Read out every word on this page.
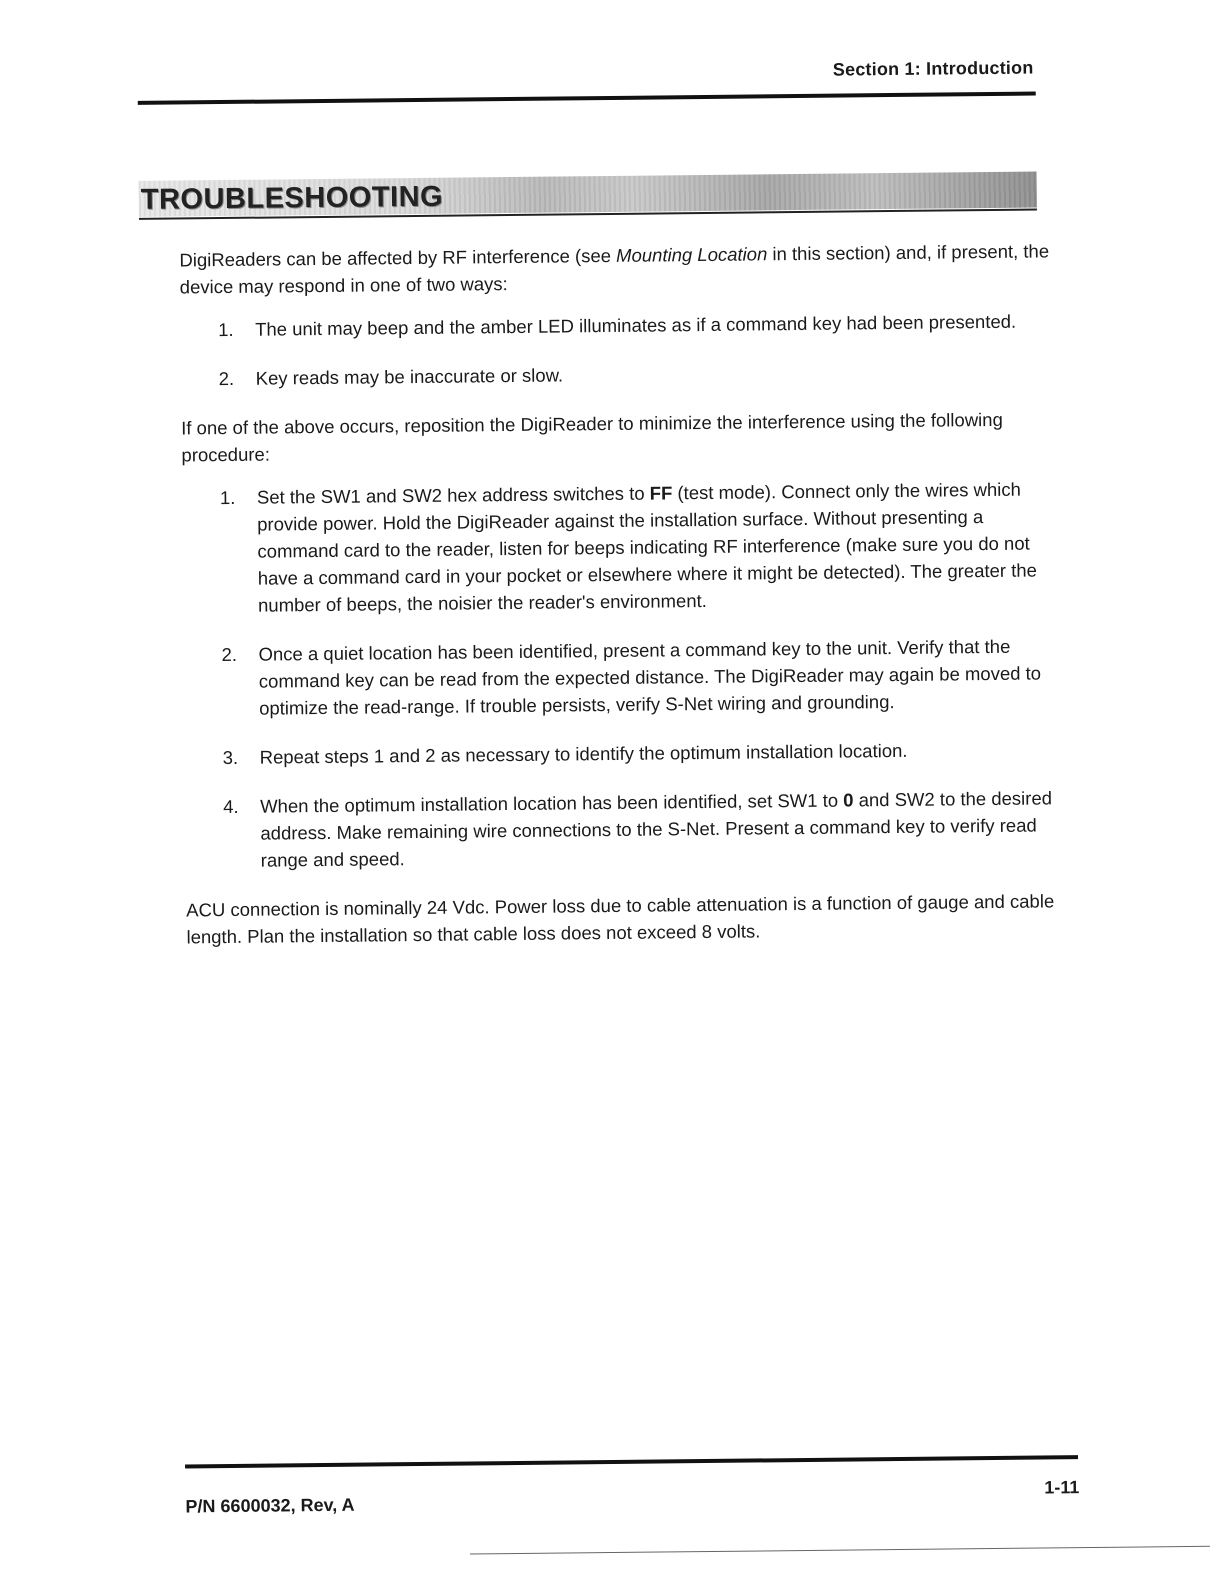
Section 1: Introduction
TROUBLESHOOTING

DigiReaders can be affected by RF interference (see Mounting Location in this section) and, if present, the device may respond in one of two ways:

1. The unit may beep and the amber LED illuminates as if a command key had been presented.
2. Key reads may be inaccurate or slow.

If one of the above occurs, reposition the DigiReader to minimize the interference using the following procedure:

1. Set the SW1 and SW2 hex address switches to FF (test mode). Connect only the wires which provide power. Hold the DigiReader against the installation surface. Without presenting a command card to the reader, listen for beeps indicating RF interference (make sure you do not have a command card in your pocket or elsewhere where it might be detected). The greater the number of beeps, the noisier the reader's environment.
2. Once a quiet location has been identified, present a command key to the unit. Verify that the command key can be read from the expected distance. The DigiReader may again be moved to optimize the read-range. If trouble persists, verify S-Net wiring and grounding.
3. Repeat steps 1 and 2 as necessary to identify the optimum installation location.
4. When the optimum installation location has been identified, set SW1 to 0 and SW2 to the desired address. Make remaining wire connections to the S-Net. Present a command key to verify read range and speed.

ACU connection is nominally 24 Vdc. Power loss due to cable attenuation is a function of gauge and cable length. Plan the installation so that cable loss does not exceed 8 volts.

P/N 6600032, Rev, A
1-11
